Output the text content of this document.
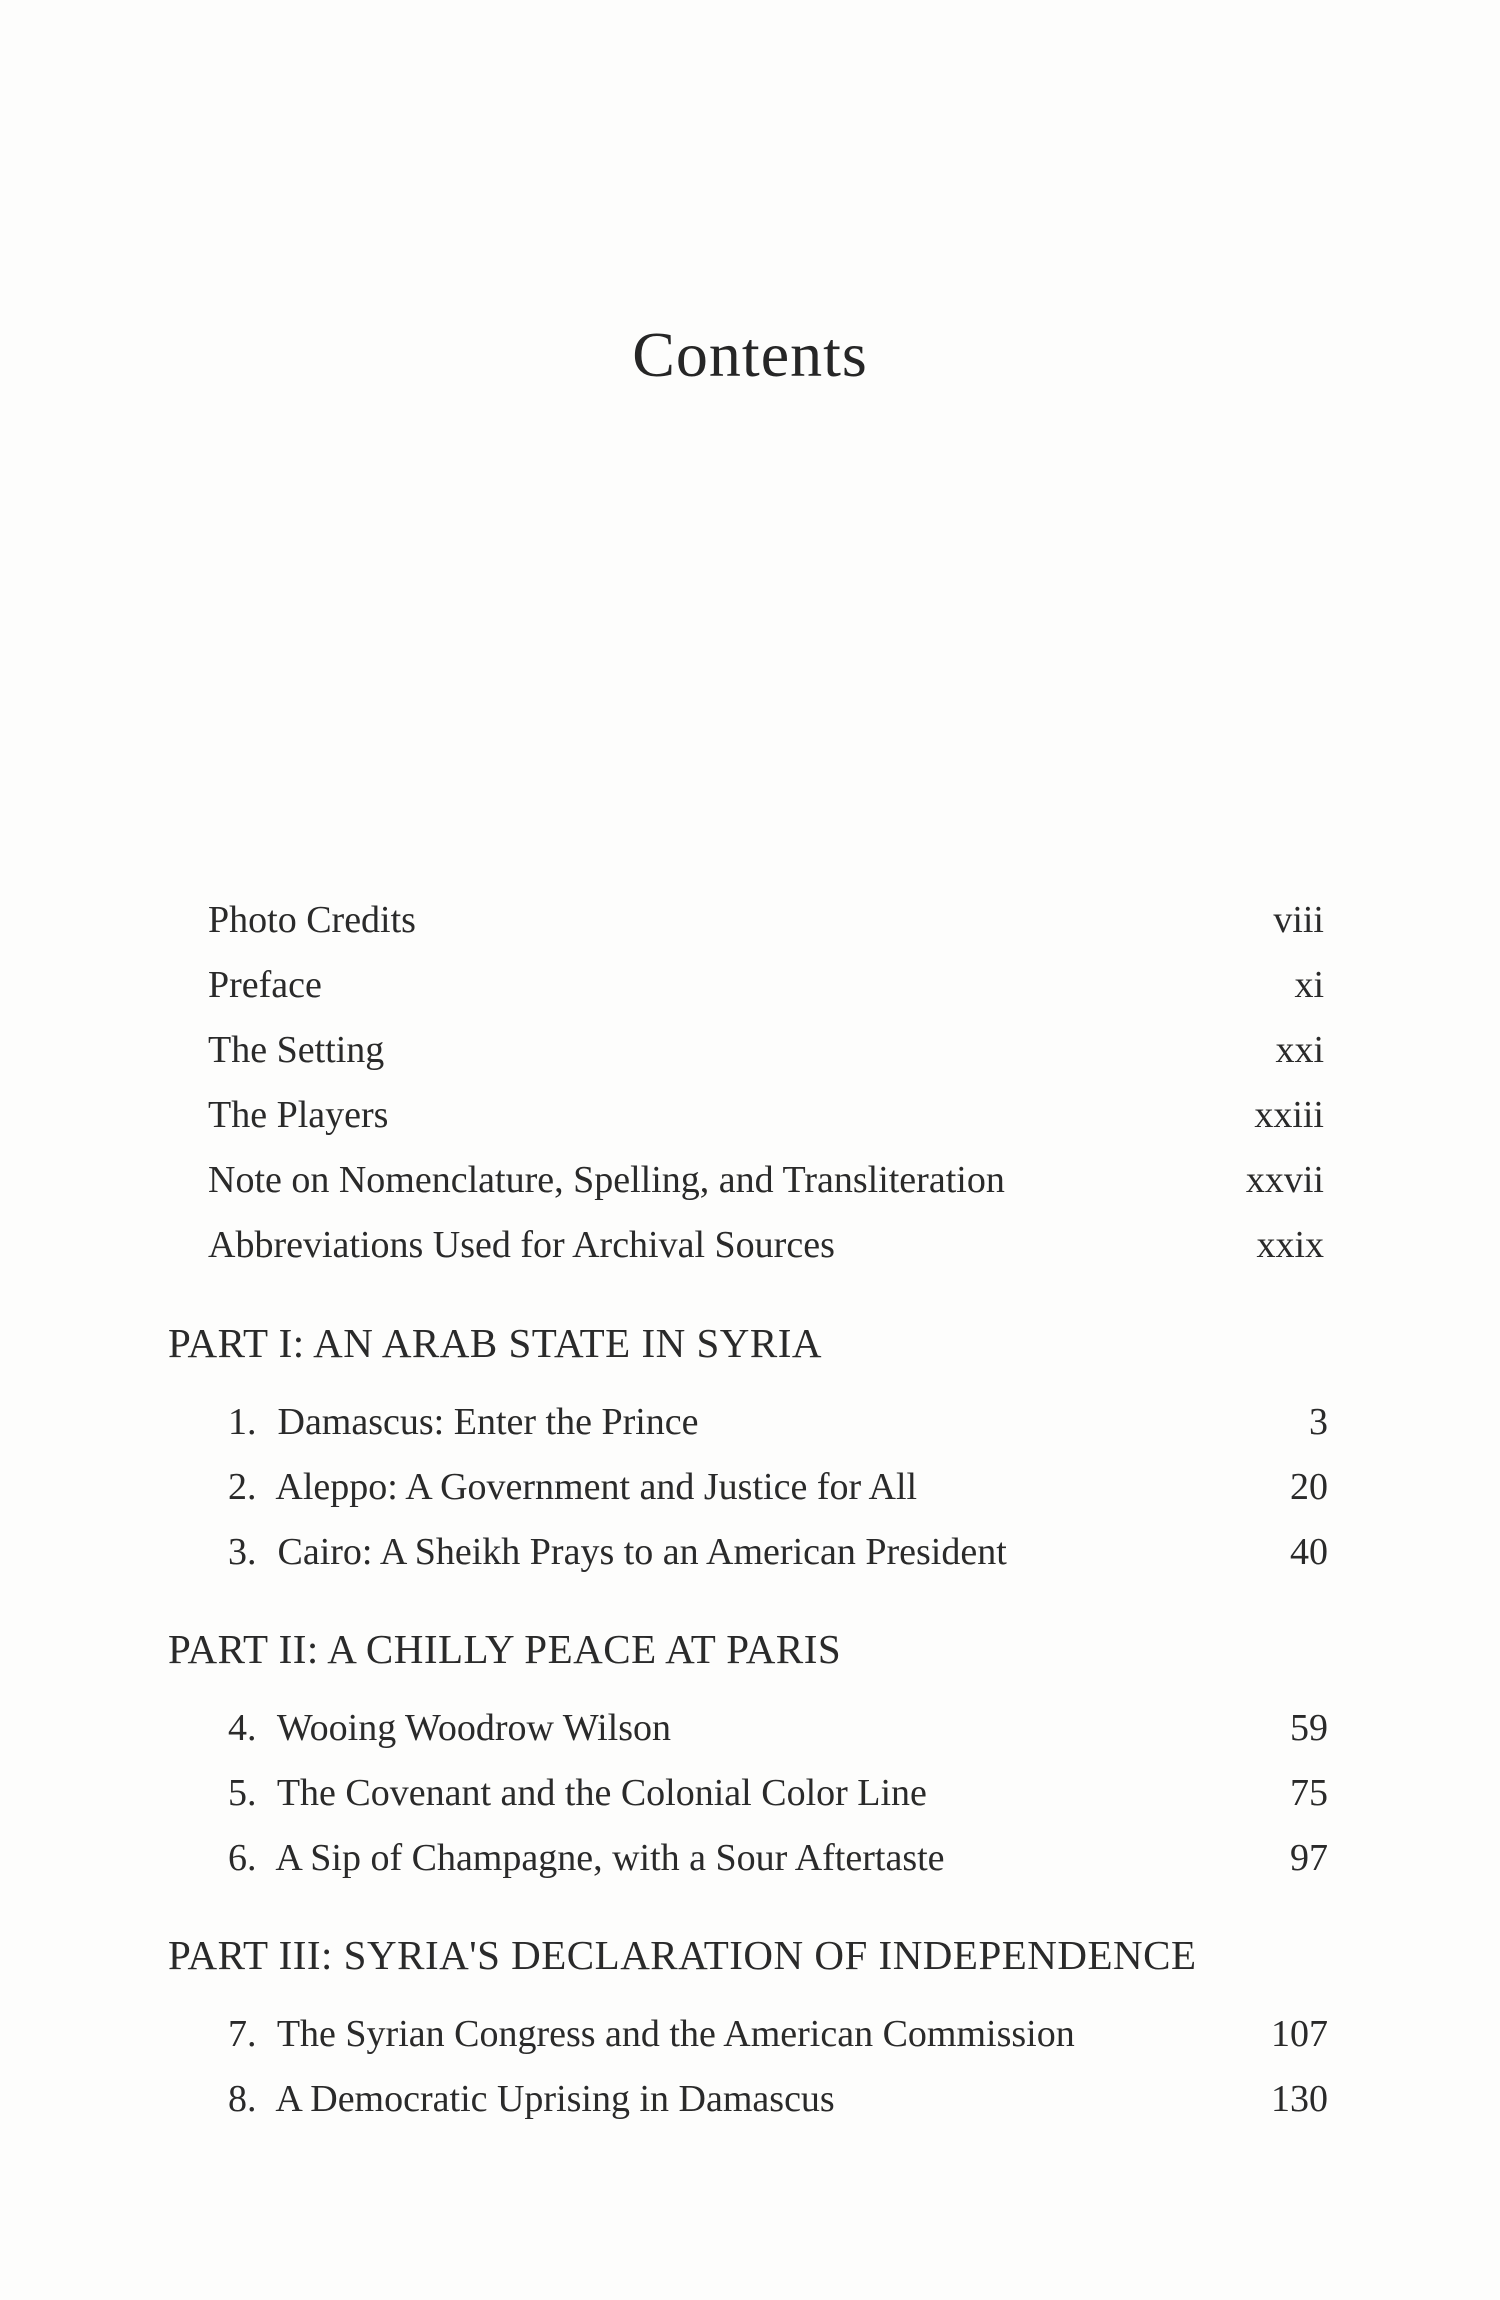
Contents
Photo Credits	viii
Preface	xi
The Setting	xxi
The Players	xxiii
Note on Nomenclature, Spelling, and Transliteration	xxvii
Abbreviations Used for Archival Sources	xxix
PART I: AN ARAB STATE IN SYRIA
1. Damascus: Enter the Prince	3
2. Aleppo: A Government and Justice for All	20
3. Cairo: A Sheikh Prays to an American President	40
PART II: A CHILLY PEACE AT PARIS
4. Wooing Woodrow Wilson	59
5. The Covenant and the Colonial Color Line	75
6. A Sip of Champagne, with a Sour Aftertaste	97
PART III: SYRIA'S DECLARATION OF INDEPENDENCE
7. The Syrian Congress and the American Commission	107
8. A Democratic Uprising in Damascus	130
